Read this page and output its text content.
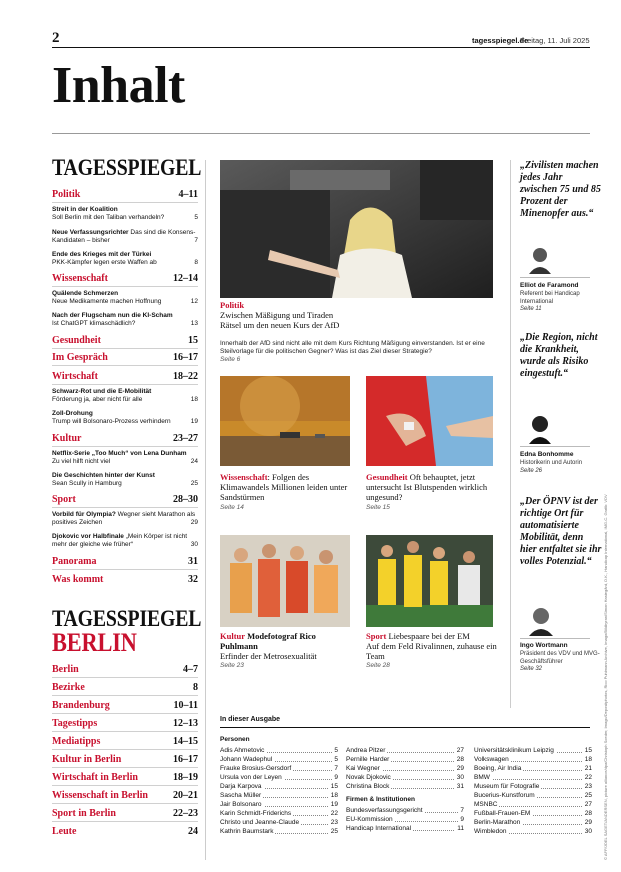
2	tagesspiegel.de
Freitag, 11. Juli 2025
Inhalt
TAGESSPIEGEL
Politik	4–11
Streit in der Koalition
Soll Berlin mit den Taliban verhandeln?	5
Neue Verfassungsrichter Das sind die Konsens-Kandidaten – bisher	7
Ende des Krieges mit der Türkei
PKK-Kämpfer legen erste Waffen ab	8
Wissenschaft	12–14
Quälende Schmerzen
Neue Medikamente machen Hoffnung	12
Nach der Flugscham nun die KI-Scham
Ist ChatGPT klimaschädlich?	13
Gesundheit	15
Im Gespräch	16–17
Wirtschaft	18–22
Schwarz-Rot und die E-Mobilität
Förderung ja, aber nicht für alle	18
Zoll-Drohung
Trump will Bolsonaro-Prozess verhindern	19
Kultur	23–27
Netflix-Serie „Too Much“ von Lena Dunham
Zu viel hilft nicht viel	24
Die Geschichten hinter der Kunst
Sean Scully in Hamburg	25
Sport	28–30
Vorbild für Olympia? Wegner sieht Marathon als positives Zeichen	29
Djokovic vor Halbfinale „Mein Körper ist nicht mehr der gleiche wie früher“	30
Panorama	31
Was kommt	32
TAGESSPIEGEL
BERLIN
Berlin	4–7
Bezirke	8
Brandenburg	10–11
Tagestipps	12–13
Mediatipps	14–15
Kultur in Berlin	16–17
Wirtschaft in Berlin	18–19
Wissenschaft in Berlin	20–21
Sport in Berlin	22–23
Leute	24
Politik
Zwischen Mäßigung und Tiraden
Rätsel um den neuen Kurs der AfD
Innerhalb der AfD sind nicht alle mit dem Kurs Richtung Mäßigung einverstanden. Ist er eine Steilvorlage für die politischen Gegner? Was ist das Ziel dieser Strategie?
Seite 6
Wissenschaft: Folgen des Klimawandels Millionen leiden unter Sandstürmen
Seite 14
Gesundheit Oft behauptet, jetzt untersucht Ist Blutspenden wirklich ungesund?
Seite 15
Kultur Modefotograf Rico Puhlmann
Erfinder der Metrosexualität
Seite 23
Sport Liebespaare bei der EM
Auf dem Feld Rivalinnen, zuhause ein Team
Seite 28
„Zivilisten machen jedes Jahr zwischen 75 und 85 Prozent der Minenopfer aus.“
Elliot de Faramond
Referent bei Handicap International
Seite 11
„Die Region, nicht die Krankheit, wurde als Risiko eingestuft.“
Edna Bonhomme
Historikerin und Autorin
Seite 26
„Der ÖPNV ist der richtige Ort für automatisierte Mobilität, denn hier entfaltet sie ihr volles Potenzial.“
Ingo Wortmann
Präsident des VDV und MVG-Geschäftsführer
Seite 32
In dieser Ausgabe
Personen
Adis Ahmetovic	5
Johann Wadephul	5
Frauke Brosius-Gersdorf	7
Ursula von der Leyen	9
Darja Karpova	15
Sascha Müller	18
Jair Bolsonaro	19
Karin Schmidt-Friderichs	22
Christo und Jeanne-Claude	23
Kathrin Baumstark	25
Andrea Pitzer	27
Pernille Harder	28
Kai Wegner	29
Novak Djokovic	30
Christina Block	31
Firmen & Institutionen
Bundesverfassungsgericht	7
EU-Kommission	9
Handicap International	11
Universitätsklinikum Leipzig	15
Volkswagen	18
Boeing, Air India	21
BMW	22
Museum für Fotografie	23
Bucerius-Kunstforum	25
MSNBC	27
Fußball-Frauen-EM	28
Berlin-Marathon	29
Wimbledon	30	© AFP/JOEL SAGET/ANDERSEN, picture alliance/dpa/Christoph Soeder, Imago/Depositphotos, Rico Puhlmann Archive, Imago/Bildbyran/Simon Hastegård, D.K., Handicap International, IMG-C. Grafik: VDV
